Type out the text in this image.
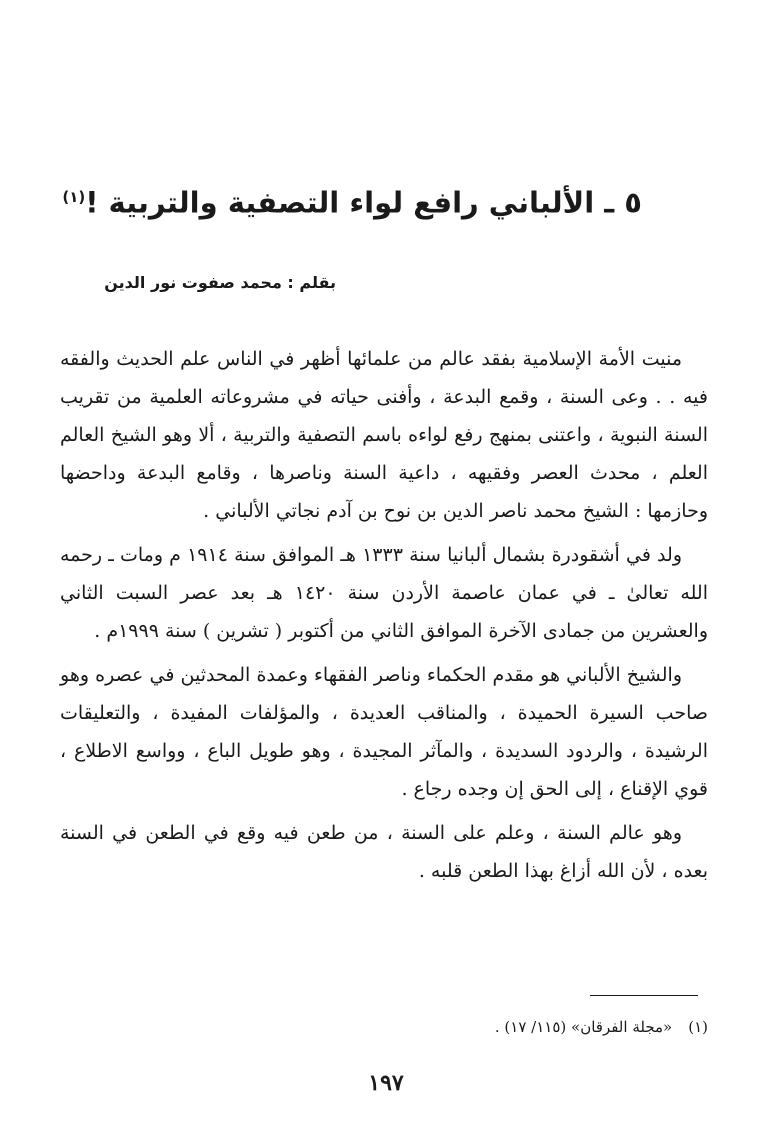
٥ ـ الألباني رافع لواء التصفية والتربية !$^{(١)}$
بقلم : محمد صفوت نور الدين

منيت الأمة الإسلامية بفقد عالم من علمائها أظهر في الناس علم الحديث والفقه فيه . . وعى السنة ، وقمع البدعة ، وأفنى حياته في مشروعاته العلمية من تقريب السنة النبوية ، واعتنى بمنهج رفع لواءه باسم التصفية والتربية ، ألا وهو الشيخ العالم العلم ، محدث العصر وفقيهه ، داعية السنة وناصرها ، وقامع البدعة وداحضها وحازمها : الشيخ محمد ناصر الدين بن نوح بن آدم نجاتي الألباني .

ولد في أشقودرة بشمال ألبانيا سنة ١٣٣٣ هـ الموافق سنة ١٩١٤ م ومات ـ رحمه الله تعالىٰ ـ في عمان عاصمة الأردن سنة ١٤٢٠ هـ بعد عصر السبت الثاني والعشرين من جمادى الآخرة الموافق الثاني من أكتوبر ( تشرين ) سنة ١٩٩٩م .

والشيخ الألباني هو مقدم الحكماء وناصر الفقهاء وعمدة المحدثين في عصره وهو صاحب السيرة الحميدة ، والمناقب العديدة ، والمؤلفات المفيدة ، والتعليقات الرشيدة ، والردود السديدة ، والمآثر المجيدة ، وهو طويل الباع ، وواسع الاطلاع ، قوي الإقناع ، إلى الحق إن وجده رجاع .

وهو عالم السنة ، وعلم على السنة ، من طعن فيه وقع في الطعن في السنة بعده ، لأن الله أزاغ بهذا الطعن قلبه .

(١)«مجلة الفرقان» (١١٥/ ١٧) .
١٩٧
